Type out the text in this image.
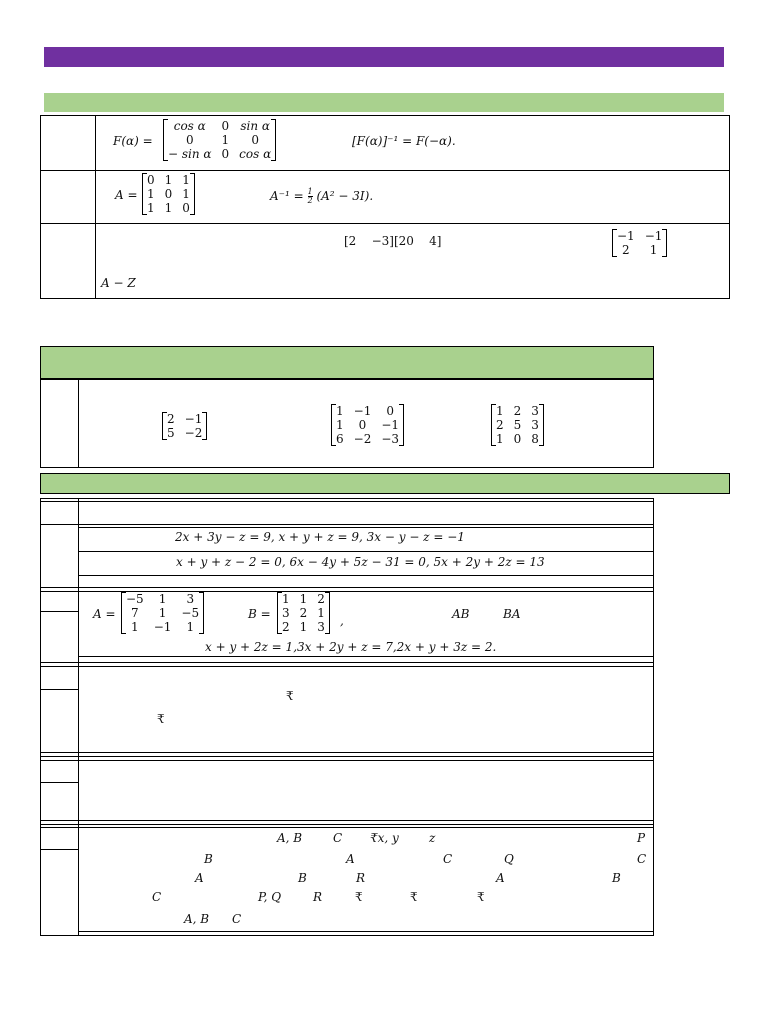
F(α) =
cos α	0	sin α
0	1	0
− sin α	0	cos α
[F(α)]⁻¹ = F(−α).
A =
0	1	1
1	0	1
1	1	0
$A^{-1} = \frac{1}{2} (A^2 - 3I)$.
[2    −3][20    4]	−1	−1
2	1
A − Z
2	−1
5	−2
1	−1	0
1	0	−1
6	−2	−3
1	2	3
2	5	3
1	0	8
2x + 3y − z = 9, x + y + z = 9, 3x − y − z = −1
x + y + z − 2 = 0, 6x − 4y + 5z − 31 = 0, 5x + 2y + 2z = 13
A =
−5	1	3
7	1	−5
1	−1	1
B =
1	1	2
3	2	1
2	1	3 ,	AB	BA
x + y + 2z = 1,3x + 2y + z = 7,2x + y + 3z = 2.
₹
₹
A, B	C ₹x, y	z	P
B	A	C	Q	C
A	B	R	A	B
C	P, Q	R	₹	₹	₹
A, B C
